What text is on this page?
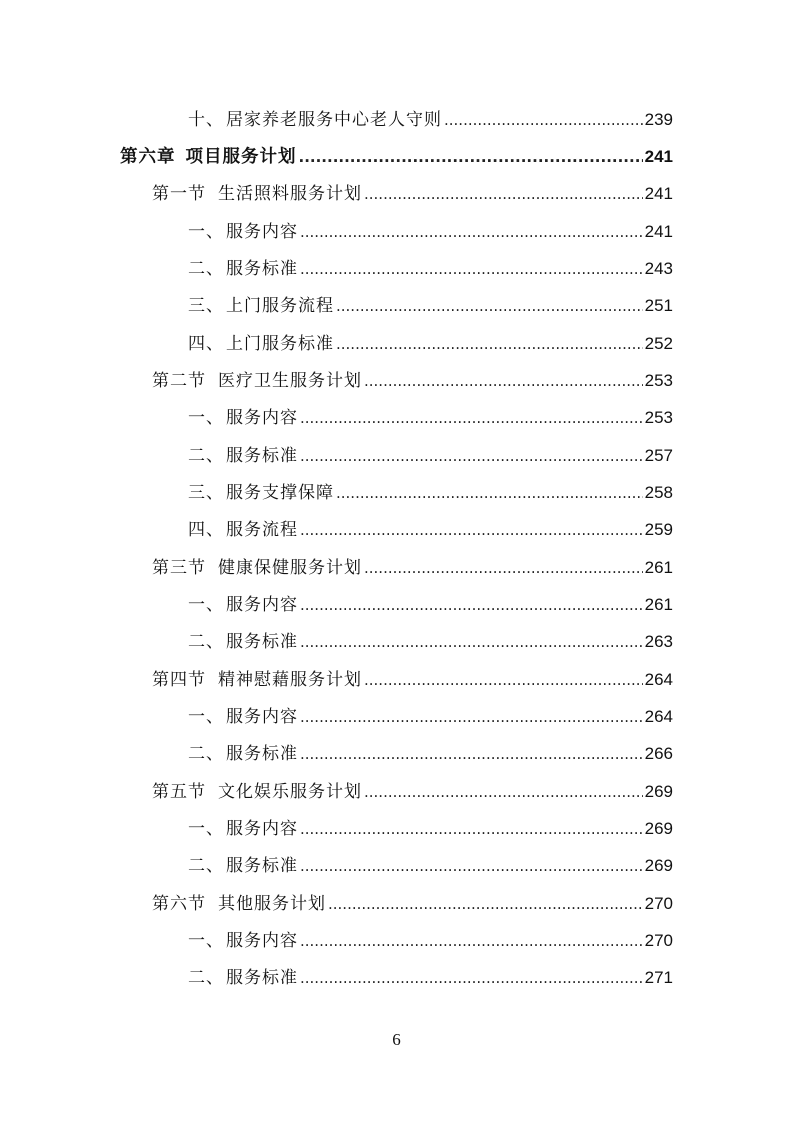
十、 居家养老服务中心老人守则 .....	239
第六章 项目服务计划 .....	241
第一节 生活照料服务计划 .....	241
一、 服务内容 .....	241
二、 服务标准 .....	243
三、 上门服务流程 .....	251
四、 上门服务标准 .....	252
第二节 医疗卫生服务计划 .....	253
一、 服务内容 .....	253
二、 服务标准 .....	257
三、 服务支撑保障 .....	258
四、 服务流程 .....	259
第三节 健康保健服务计划 .....	261
一、 服务内容 .....	261
二、 服务标准 .....	263
第四节 精神慰藉服务计划 .....	264
一、 服务内容 .....	264
二、 服务标准 .....	266
第五节 文化娱乐服务计划 .....	269
一、 服务内容 .....	269
二、 服务标准 .....	269
第六节 其他服务计划 .....	270
一、 服务内容 .....	270
二、 服务标准 .....	271
6
